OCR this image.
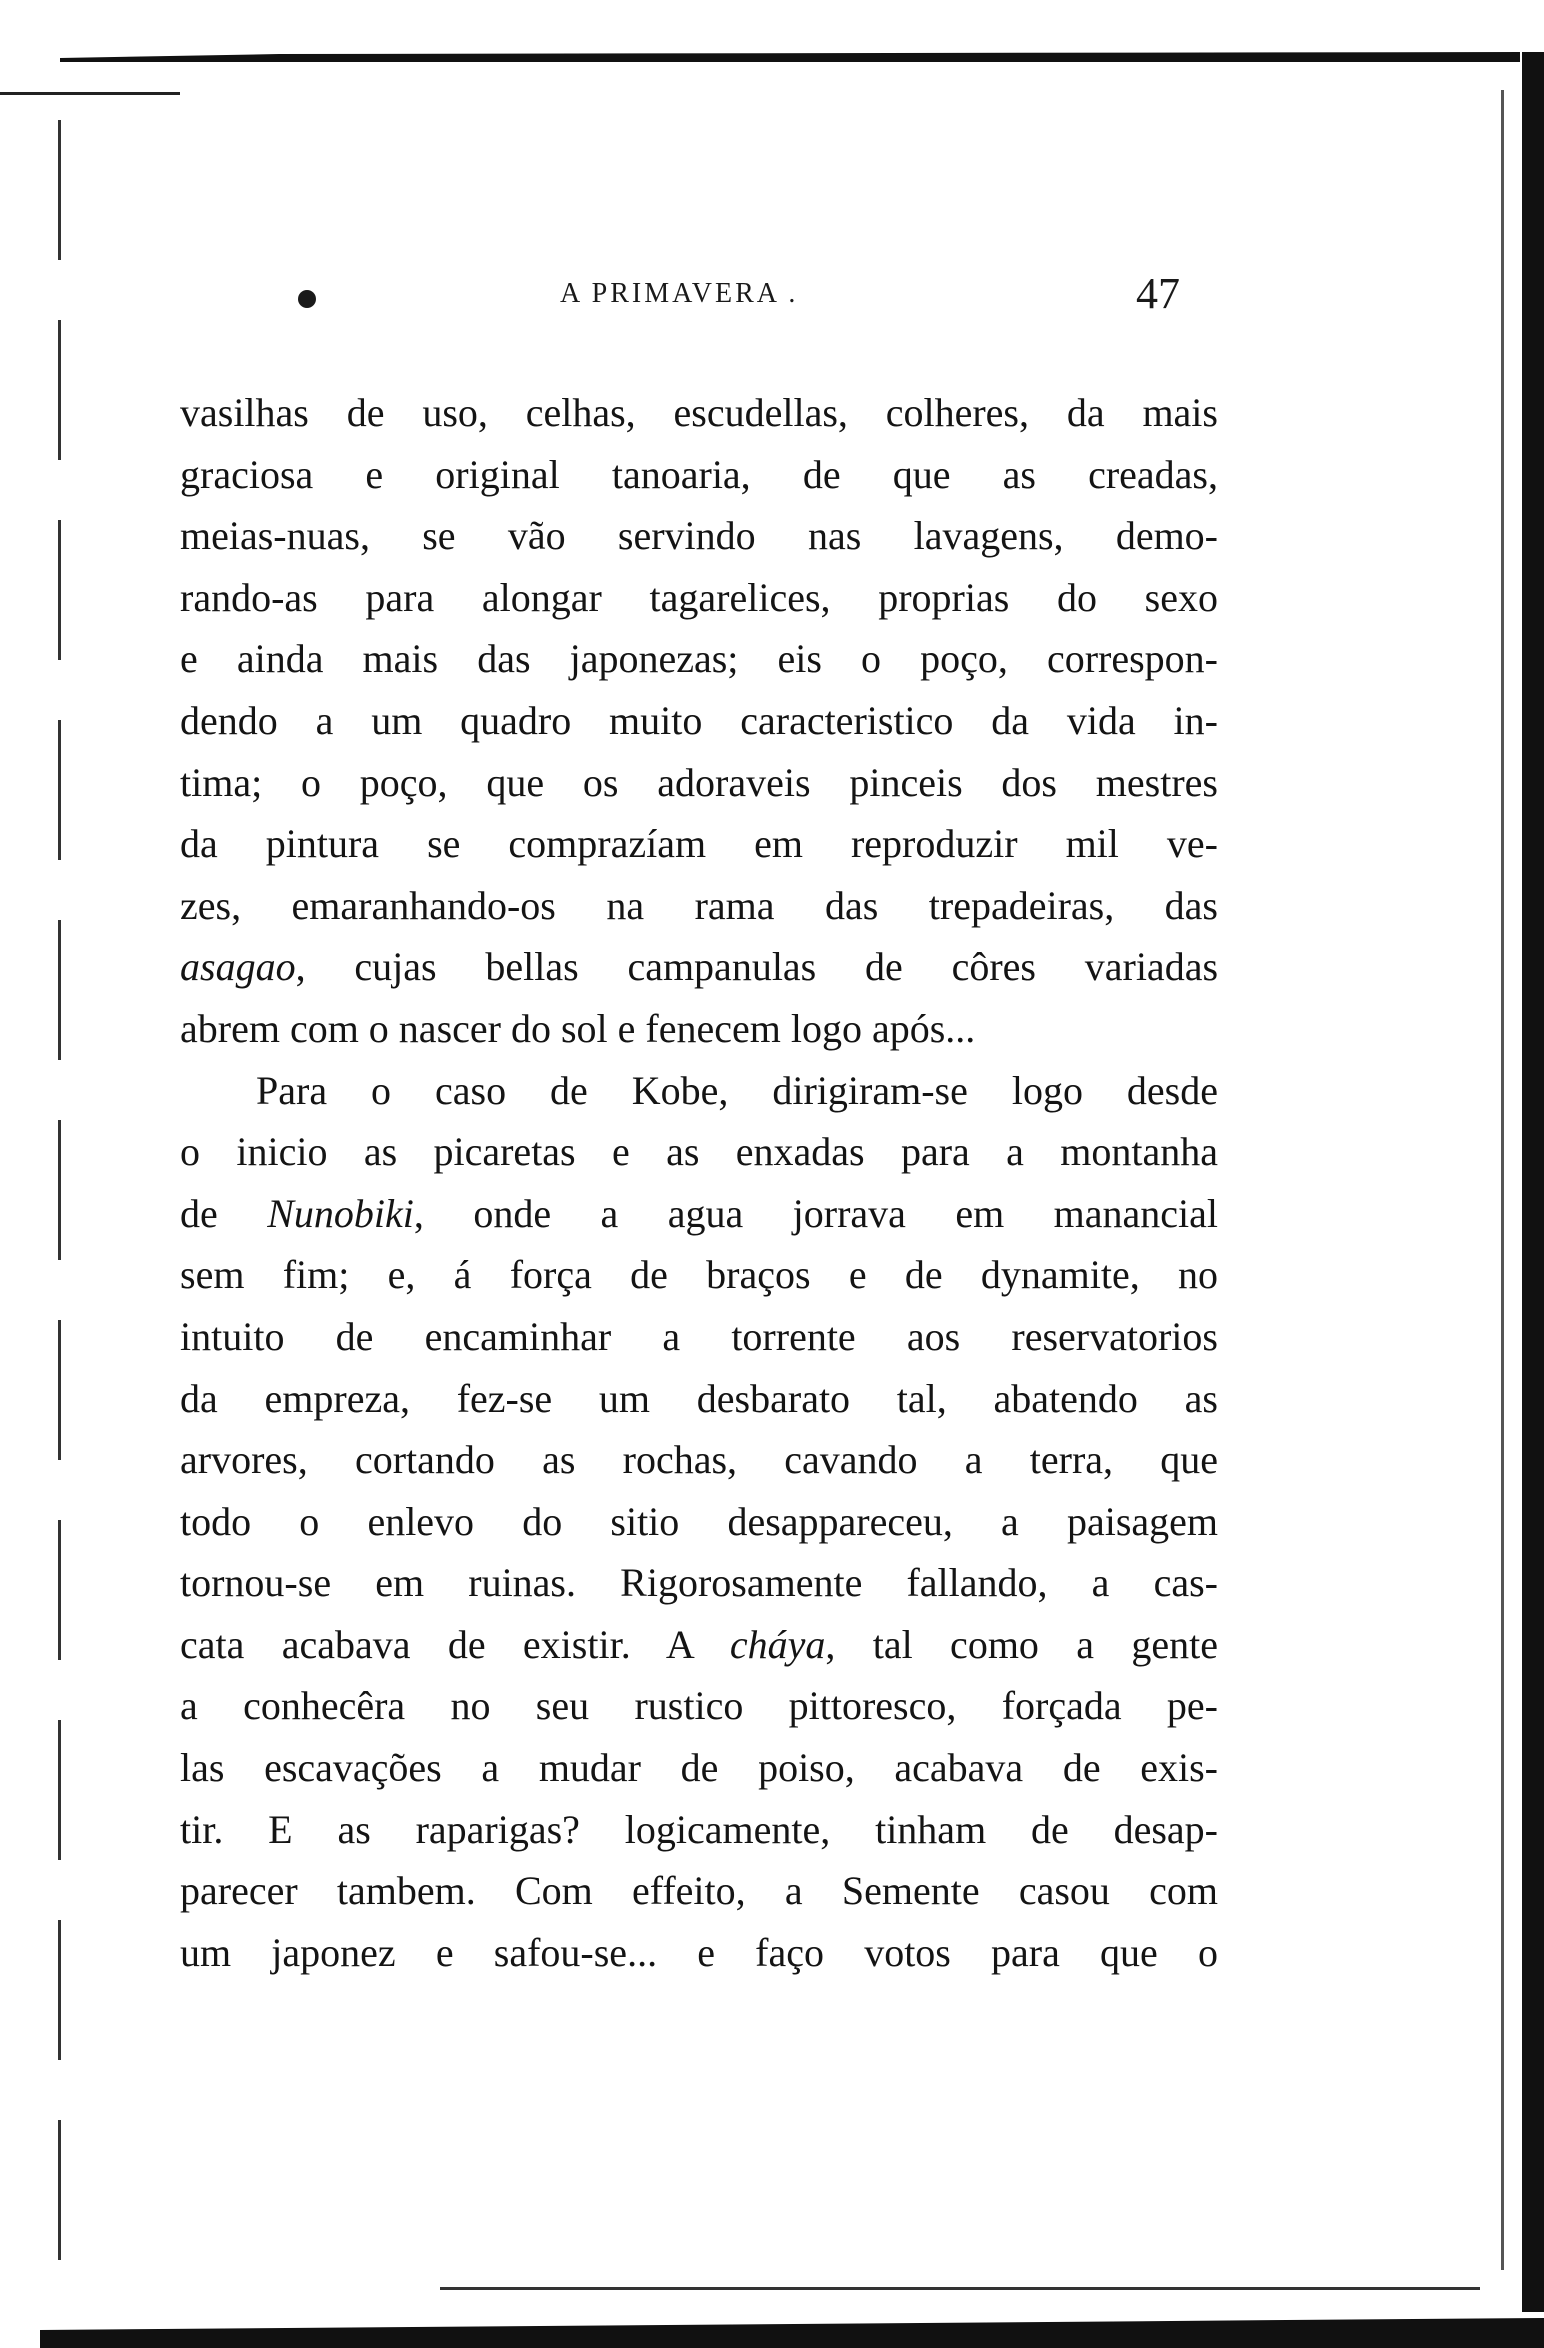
A PRIMAVERA .	47
vasilhas de uso, celhas, escudellas, colheres, da mais
graciosa e original tanoaria, de que as creadas,
meias-nuas, se vão servindo nas lavagens, demo-
rando-as para alongar tagarelices, proprias do sexo
e ainda mais das japonezas; eis o poço, correspon-
dendo a um quadro muito caracteristico da vida in-
tima; o poço, que os adoraveis pinceis dos mestres
da pintura se comprazíam em reproduzir mil ve-
zes, emaranhando-os na rama das trepadeiras, das
asagao, cujas bellas campanulas de côres variadas
abrem com o nascer do sol e fenecem logo após...
Para o caso de Kobe, dirigiram-se logo desde
o inicio as picaretas e as enxadas para a montanha
de Nunobiki, onde a agua jorrava em manancial
sem fim; e, á força de braços e de dynamite, no
intuito de encaminhar a torrente aos reservatorios
da empreza, fez-se um desbarato tal, abatendo as
arvores, cortando as rochas, cavando a terra, que
todo o enlevo do sitio desappareceu, a paisagem
tornou-se em ruinas. Rigorosamente fallando, a cas-
cata acabava de existir. A cháya, tal como a gente
a conhecêra no seu rustico pittoresco, forçada pe-
las escavações a mudar de poiso, acabava de exis-
tir. E as raparigas? logicamente, tinham de desap-
parecer tambem. Com effeito, a Semente casou com
um japonez e safou-se... e faço votos para que o
